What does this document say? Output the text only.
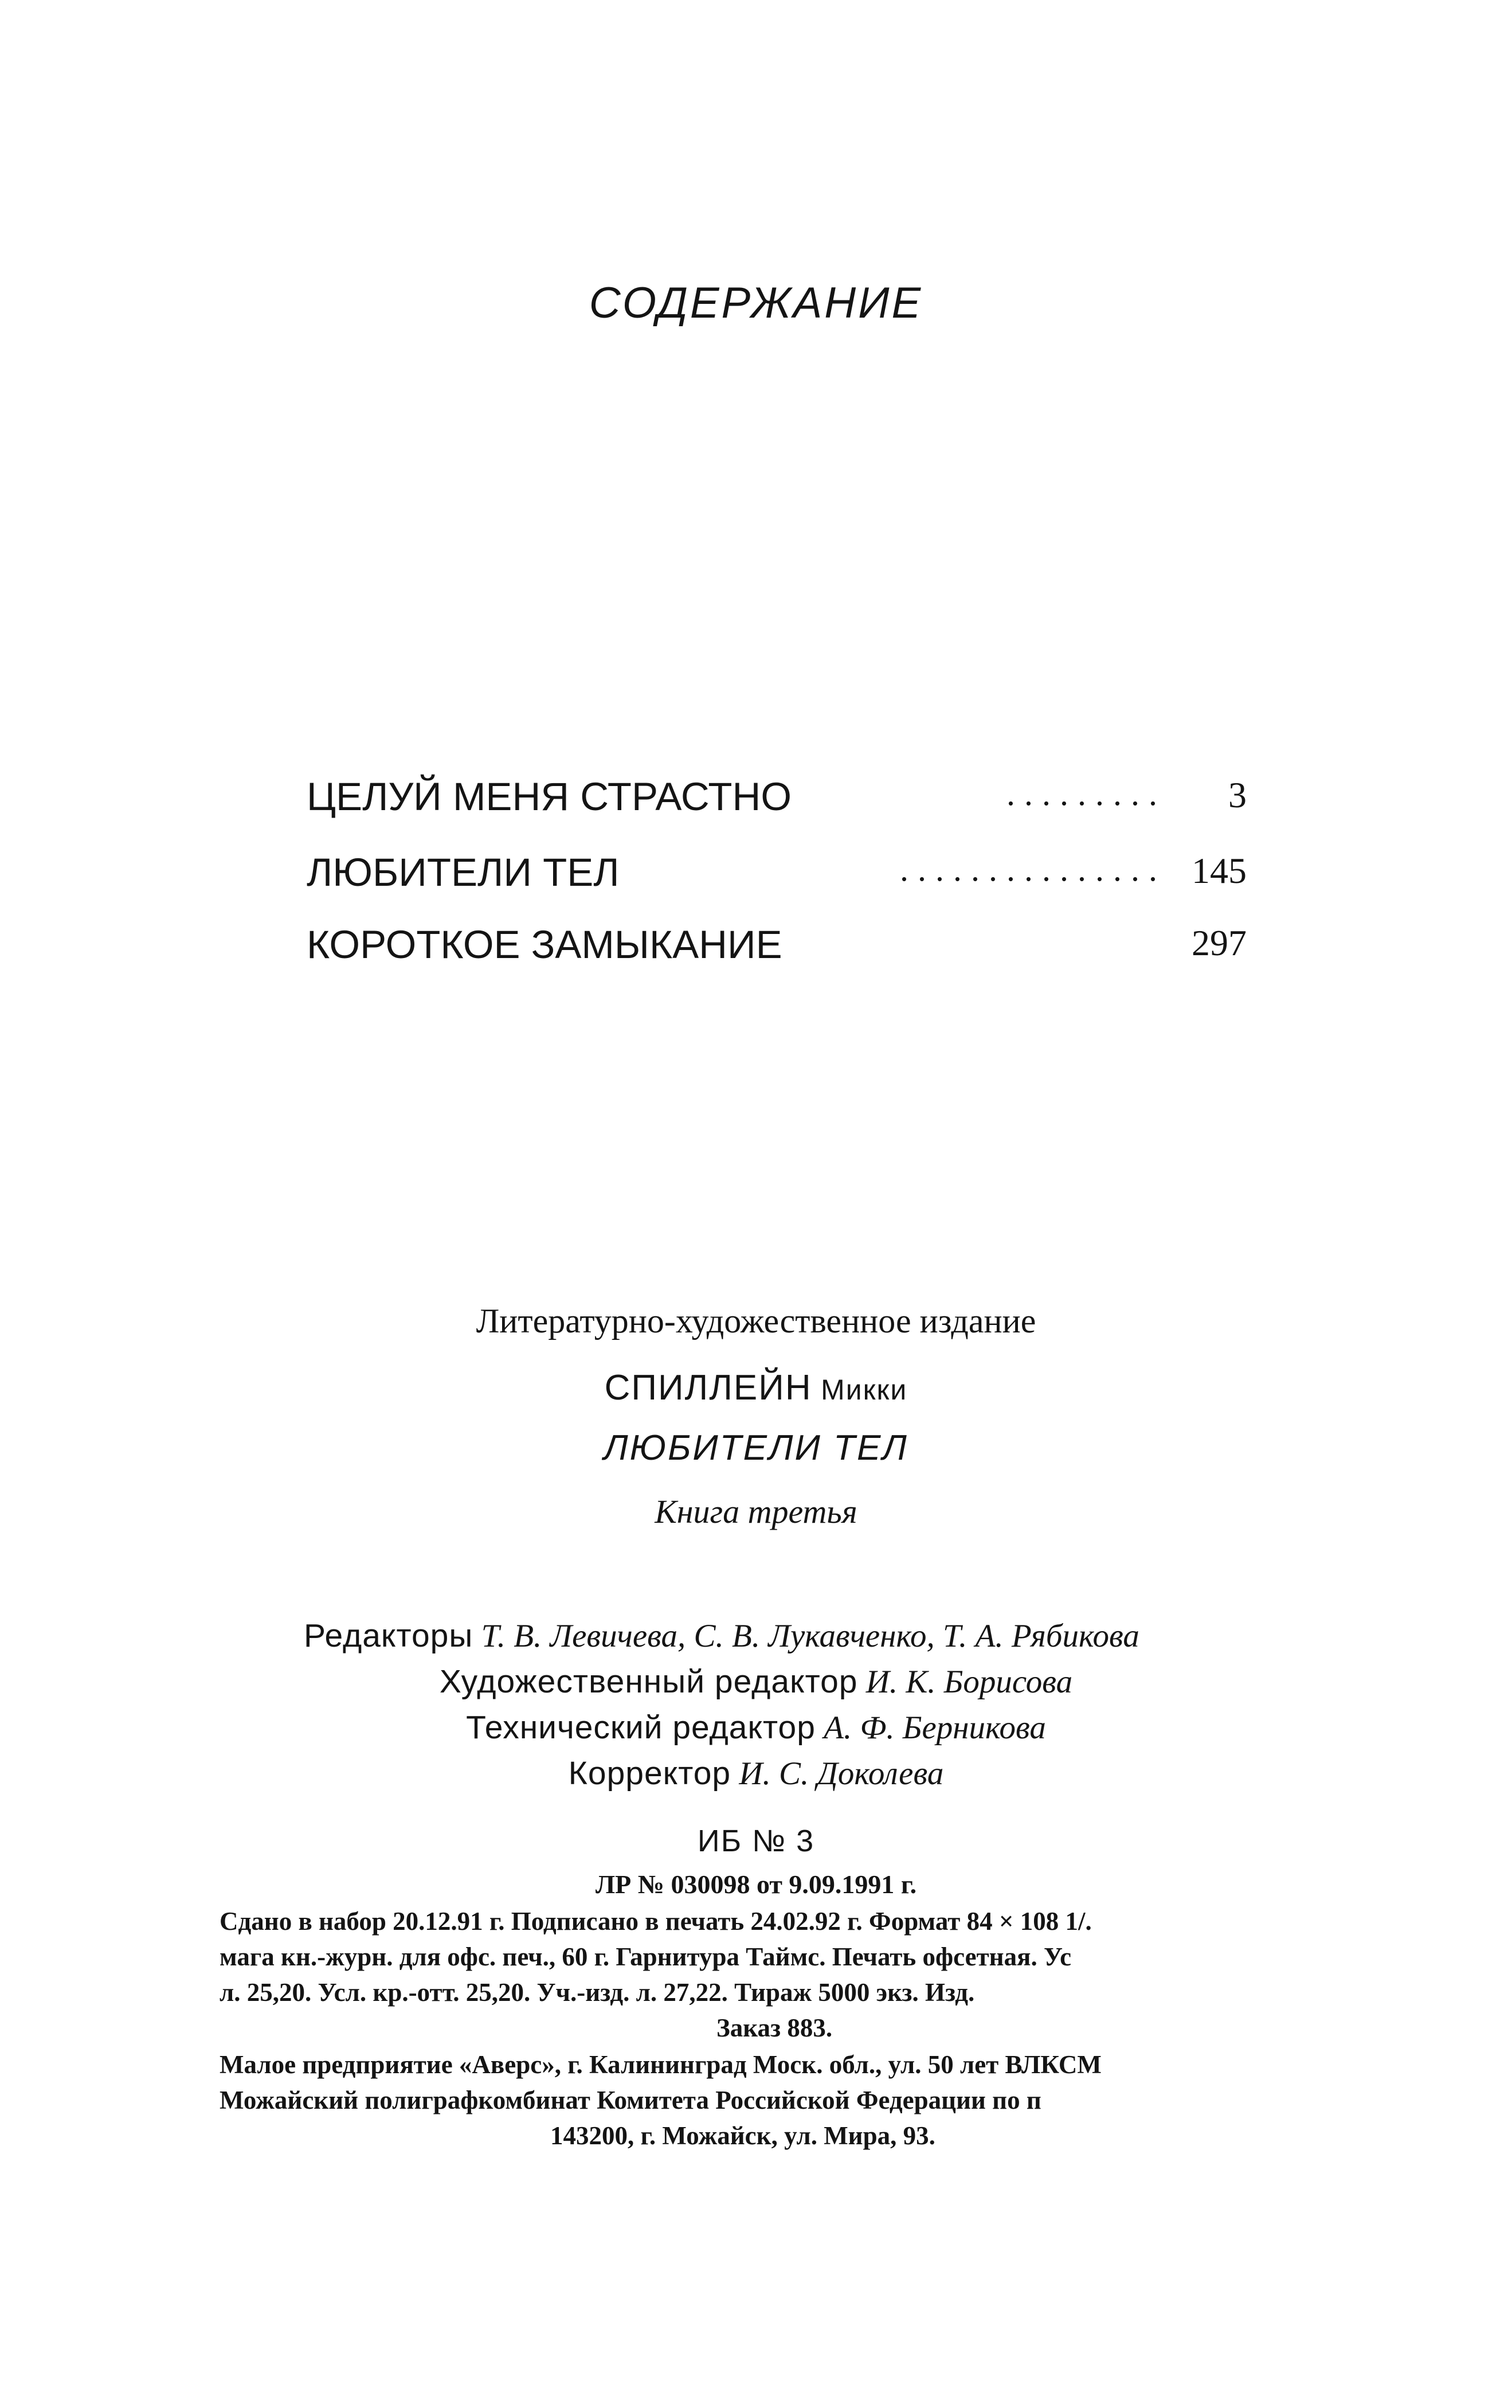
СОДЕРЖАНИЕ
ЦЕЛУЙ МЕНЯ СТРАСТНО	......... 3
ЛЮБИТЕЛИ ТЕЛ	............... 145
КОРОТКОЕ ЗАМЫКАНИЕ	297
Литературно-художественное издание
СПИЛЛЕЙН Микки
ЛЮБИТЕЛИ ТЕЛ
Книга третья
Редакторы Т. В. Левичева, С. В. Лукавченко, Т. А. Рябикова
Художественный редактор И. К. Борисова
Технический редактор А. Ф. Берникова
Корректор И. С. Доколева
ИБ № 3
ЛР № 030098 от 9.09.1991 г.
Сдано в набор 20.12.91 г. Подписано в печать 24.02.92 г. Формат 84 × 108 1/.
мага кн.-журн. для офс. печ., 60 г. Гарнитура Таймс. Печать офсетная. Ус
л. 25,20. Усл. кр.-отт. 25,20. Уч.-изд. л. 27,22. Тираж 5000 экз. Изд.
Заказ 883.
Малое предприятие «Аверс», г. Калининград Моск. обл., ул. 50 лет ВЛКСМ
Можайский полиграфкомбинат Комитета Российской Федерации по п
143200, г. Можайск, ул. Мира, 93.
